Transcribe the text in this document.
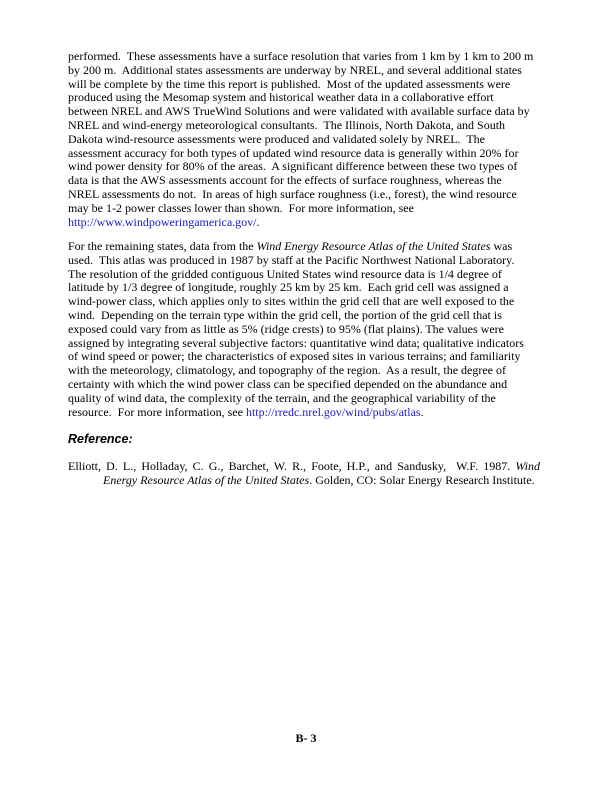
performed.  These assessments have a surface resolution that varies from 1 km by 1 km to 200 m
by 200 m.  Additional states assessments are underway by NREL, and several additional states
will be complete by the time this report is published.  Most of the updated assessments were
produced using the Mesomap system and historical weather data in a collaborative effort
between NREL and AWS TrueWind Solutions and were validated with available surface data by
NREL and wind-energy meteorological consultants.  The Illinois, North Dakota, and South
Dakota wind-resource assessments were produced and validated solely by NREL.  The
assessment accuracy for both types of updated wind resource data is generally within 20% for
wind power density for 80% of the areas.  A significant difference between these two types of
data is that the AWS assessments account for the effects of surface roughness, whereas the
NREL assessments do not.  In areas of high surface roughness (i.e., forest), the wind resource
may be 1-2 power classes lower than shown.  For more information, see
http://www.windpoweringamerica.gov/.
For the remaining states, data from the Wind Energy Resource Atlas of the United States was
used.  This atlas was produced in 1987 by staff at the Pacific Northwest National Laboratory.
The resolution of the gridded contiguous United States wind resource data is 1/4 degree of
latitude by 1/3 degree of longitude, roughly 25 km by 25 km.  Each grid cell was assigned a
wind-power class, which applies only to sites within the grid cell that are well exposed to the
wind.  Depending on the terrain type within the grid cell, the portion of the grid cell that is
exposed could vary from as little as 5% (ridge crests) to 95% (flat plains). The values were
assigned by integrating several subjective factors: quantitative wind data; qualitative indicators
of wind speed or power; the characteristics of exposed sites in various terrains; and familiarity
with the meteorology, climatology, and topography of the region.  As a result, the degree of
certainty with which the wind power class can be specified depended on the abundance and
quality of wind data, the complexity of the terrain, and the geographical variability of the
resource.  For more information, see http://rredc.nrel.gov/wind/pubs/atlas.
Reference:
Elliott, D. L., Holladay, C. G., Barchet, W. R., Foote, H.P., and Sandusky,  W.F. 1987. Wind
Energy Resource Atlas of the United States. Golden, CO: Solar Energy Research Institute.
B- 3
